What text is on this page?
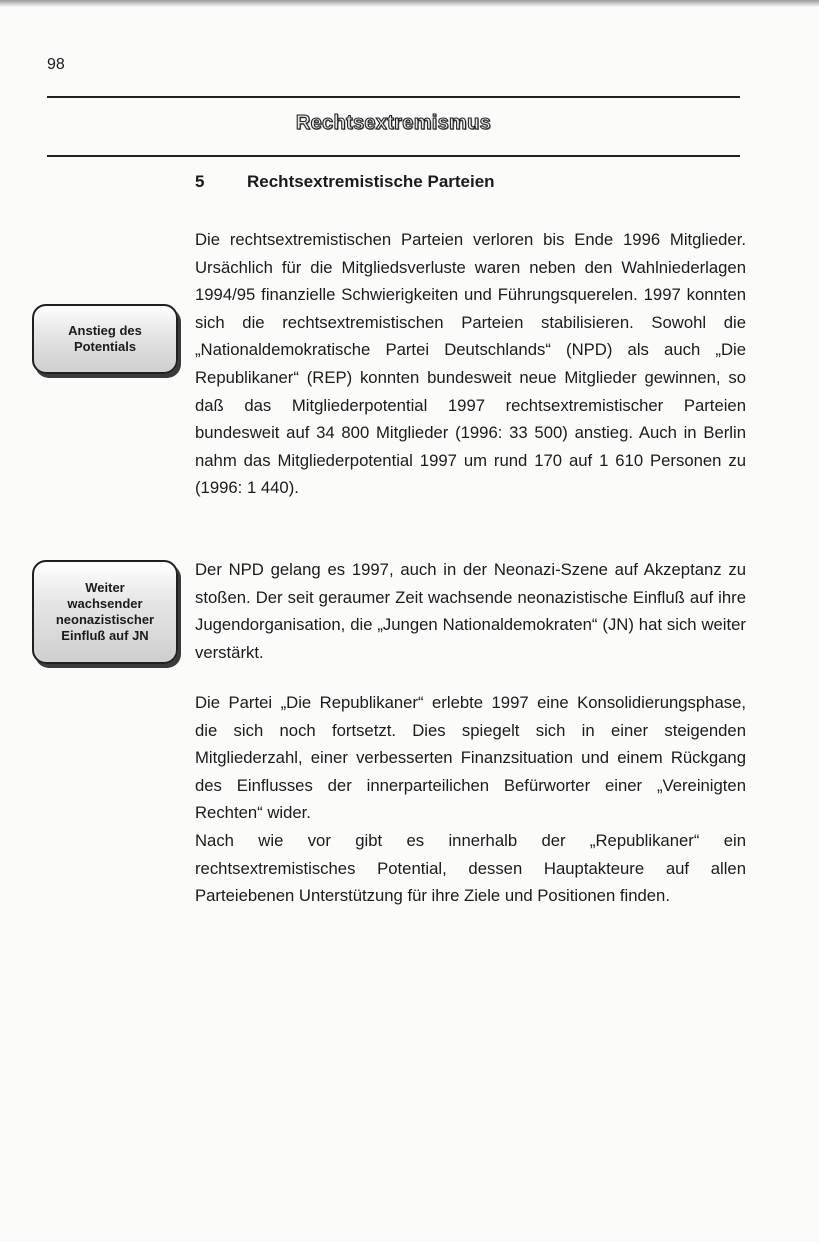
98
Rechtsextremismus
5	Rechtsextremistische Parteien
Anstieg des
Potentials
Weiter
wachsender
neonazistischer
Einfluß auf JN

Die rechtsextremistischen Parteien verloren bis Ende 1996 Mitglieder. Ursächlich für die Mitgliedsverluste waren neben den Wahlniederlagen 1994/95 finanzielle Schwierigkeiten und Führungsquerelen. 1997 konnten sich die rechtsextremistischen Parteien stabilisieren. Sowohl die „Nationaldemokratische Partei Deutschlands“ (NPD) als auch „Die Republikaner“ (REP) konnten bundesweit neue Mitglieder gewinnen, so daß das Mitgliederpotential 1997 rechtsextremistischer Parteien bundesweit auf 34 800 Mitglieder (1996: 33 500) anstieg. Auch in Berlin nahm das Mitgliederpotential 1997 um rund 170 auf 1 610 Personen zu (1996: 1 440).

Der NPD gelang es 1997, auch in der Neonazi-Szene auf Akzeptanz zu stoßen. Der seit geraumer Zeit wachsende neonazistische Einfluß auf ihre Jugendorganisation, die „Jungen Nationaldemokraten“ (JN) hat sich weiter verstärkt.

Die Partei „Die Republikaner“ erlebte 1997 eine Konsolidierungsphase, die sich noch fortsetzt. Dies spiegelt sich in einer steigenden Mitgliederzahl, einer verbesserten Finanzsituation und einem Rückgang des Einflusses der innerparteilichen Befürworter einer „Vereinigten Rechten“ wider.

Nach wie vor gibt es innerhalb der „Republikaner“ ein rechtsextremistisches Potential, dessen Hauptakteure auf allen Parteiebenen Unterstützung für ihre Ziele und Positionen finden.
